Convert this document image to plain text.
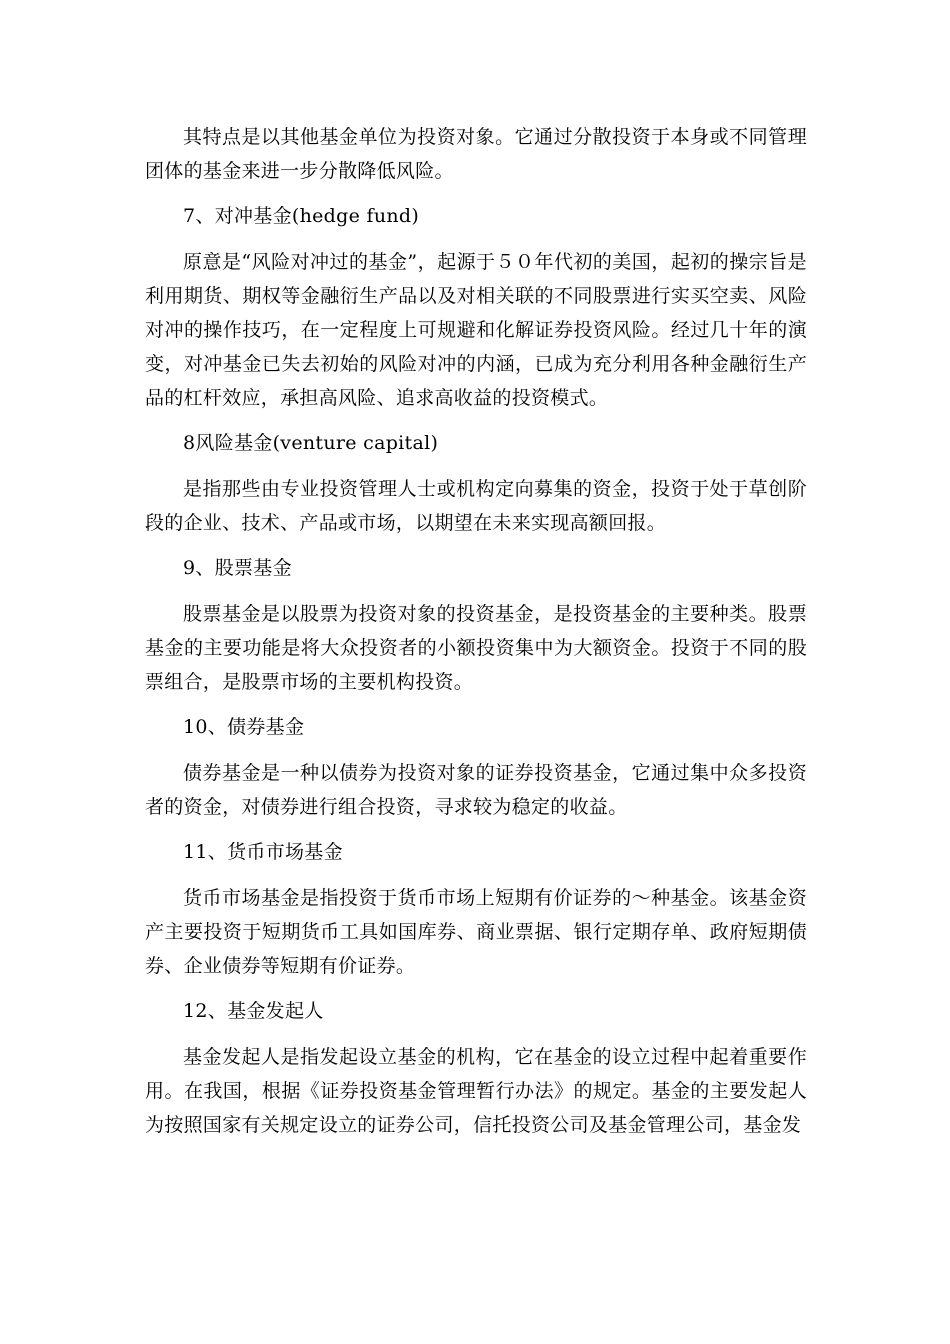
其特点是以其他基金单位为投资对象。它通过分散投资于本身或不同管理团体的基金来进一步分散降低风险。

7、对冲基金(hedge fund)

原意是“风险对冲过的基金”，起源于５０年代初的美国，起初的操宗旨是利用期货、期权等金融衍生产品以及对相关联的不同股票进行实买空卖、风险对冲的操作技巧，在一定程度上可规避和化解证券投资风险。经过几十年的演变，对冲基金已失去初始的风险对冲的内涵，已成为充分利用各种金融衍生产品的杠杆效应，承担高风险、追求高收益的投资模式。

8风险基金(venture capital)

是指那些由专业投资管理人士或机构定向募集的资金，投资于处于草创阶段的企业、技术、产品或市场，以期望在未来实现高额回报。

9、股票基金

股票基金是以股票为投资对象的投资基金，是投资基金的主要种类。股票基金的主要功能是将大众投资者的小额投资集中为大额资金。投资于不同的股票组合，是股票市场的主要机构投资。

10、债券基金

债券基金是一种以债券为投资对象的证券投资基金，它通过集中众多投资者的资金，对债券进行组合投资，寻求较为稳定的收益。

11、货币市场基金

货币市场基金是指投资于货币市场上短期有价证券的～种基金。该基金资产主要投资于短期货币工具如国库券、商业票据、银行定期存单、政府短期债券、企业债券等短期有价证券。

12、基金发起人

基金发起人是指发起设立基金的机构，它在基金的设立过程中起着重要作用。在我国，根据《证券投资基金管理暂行办法》的规定。基金的主要发起人为按照国家有关规定设立的证券公司，信托投资公司及基金管理公司，基金发
